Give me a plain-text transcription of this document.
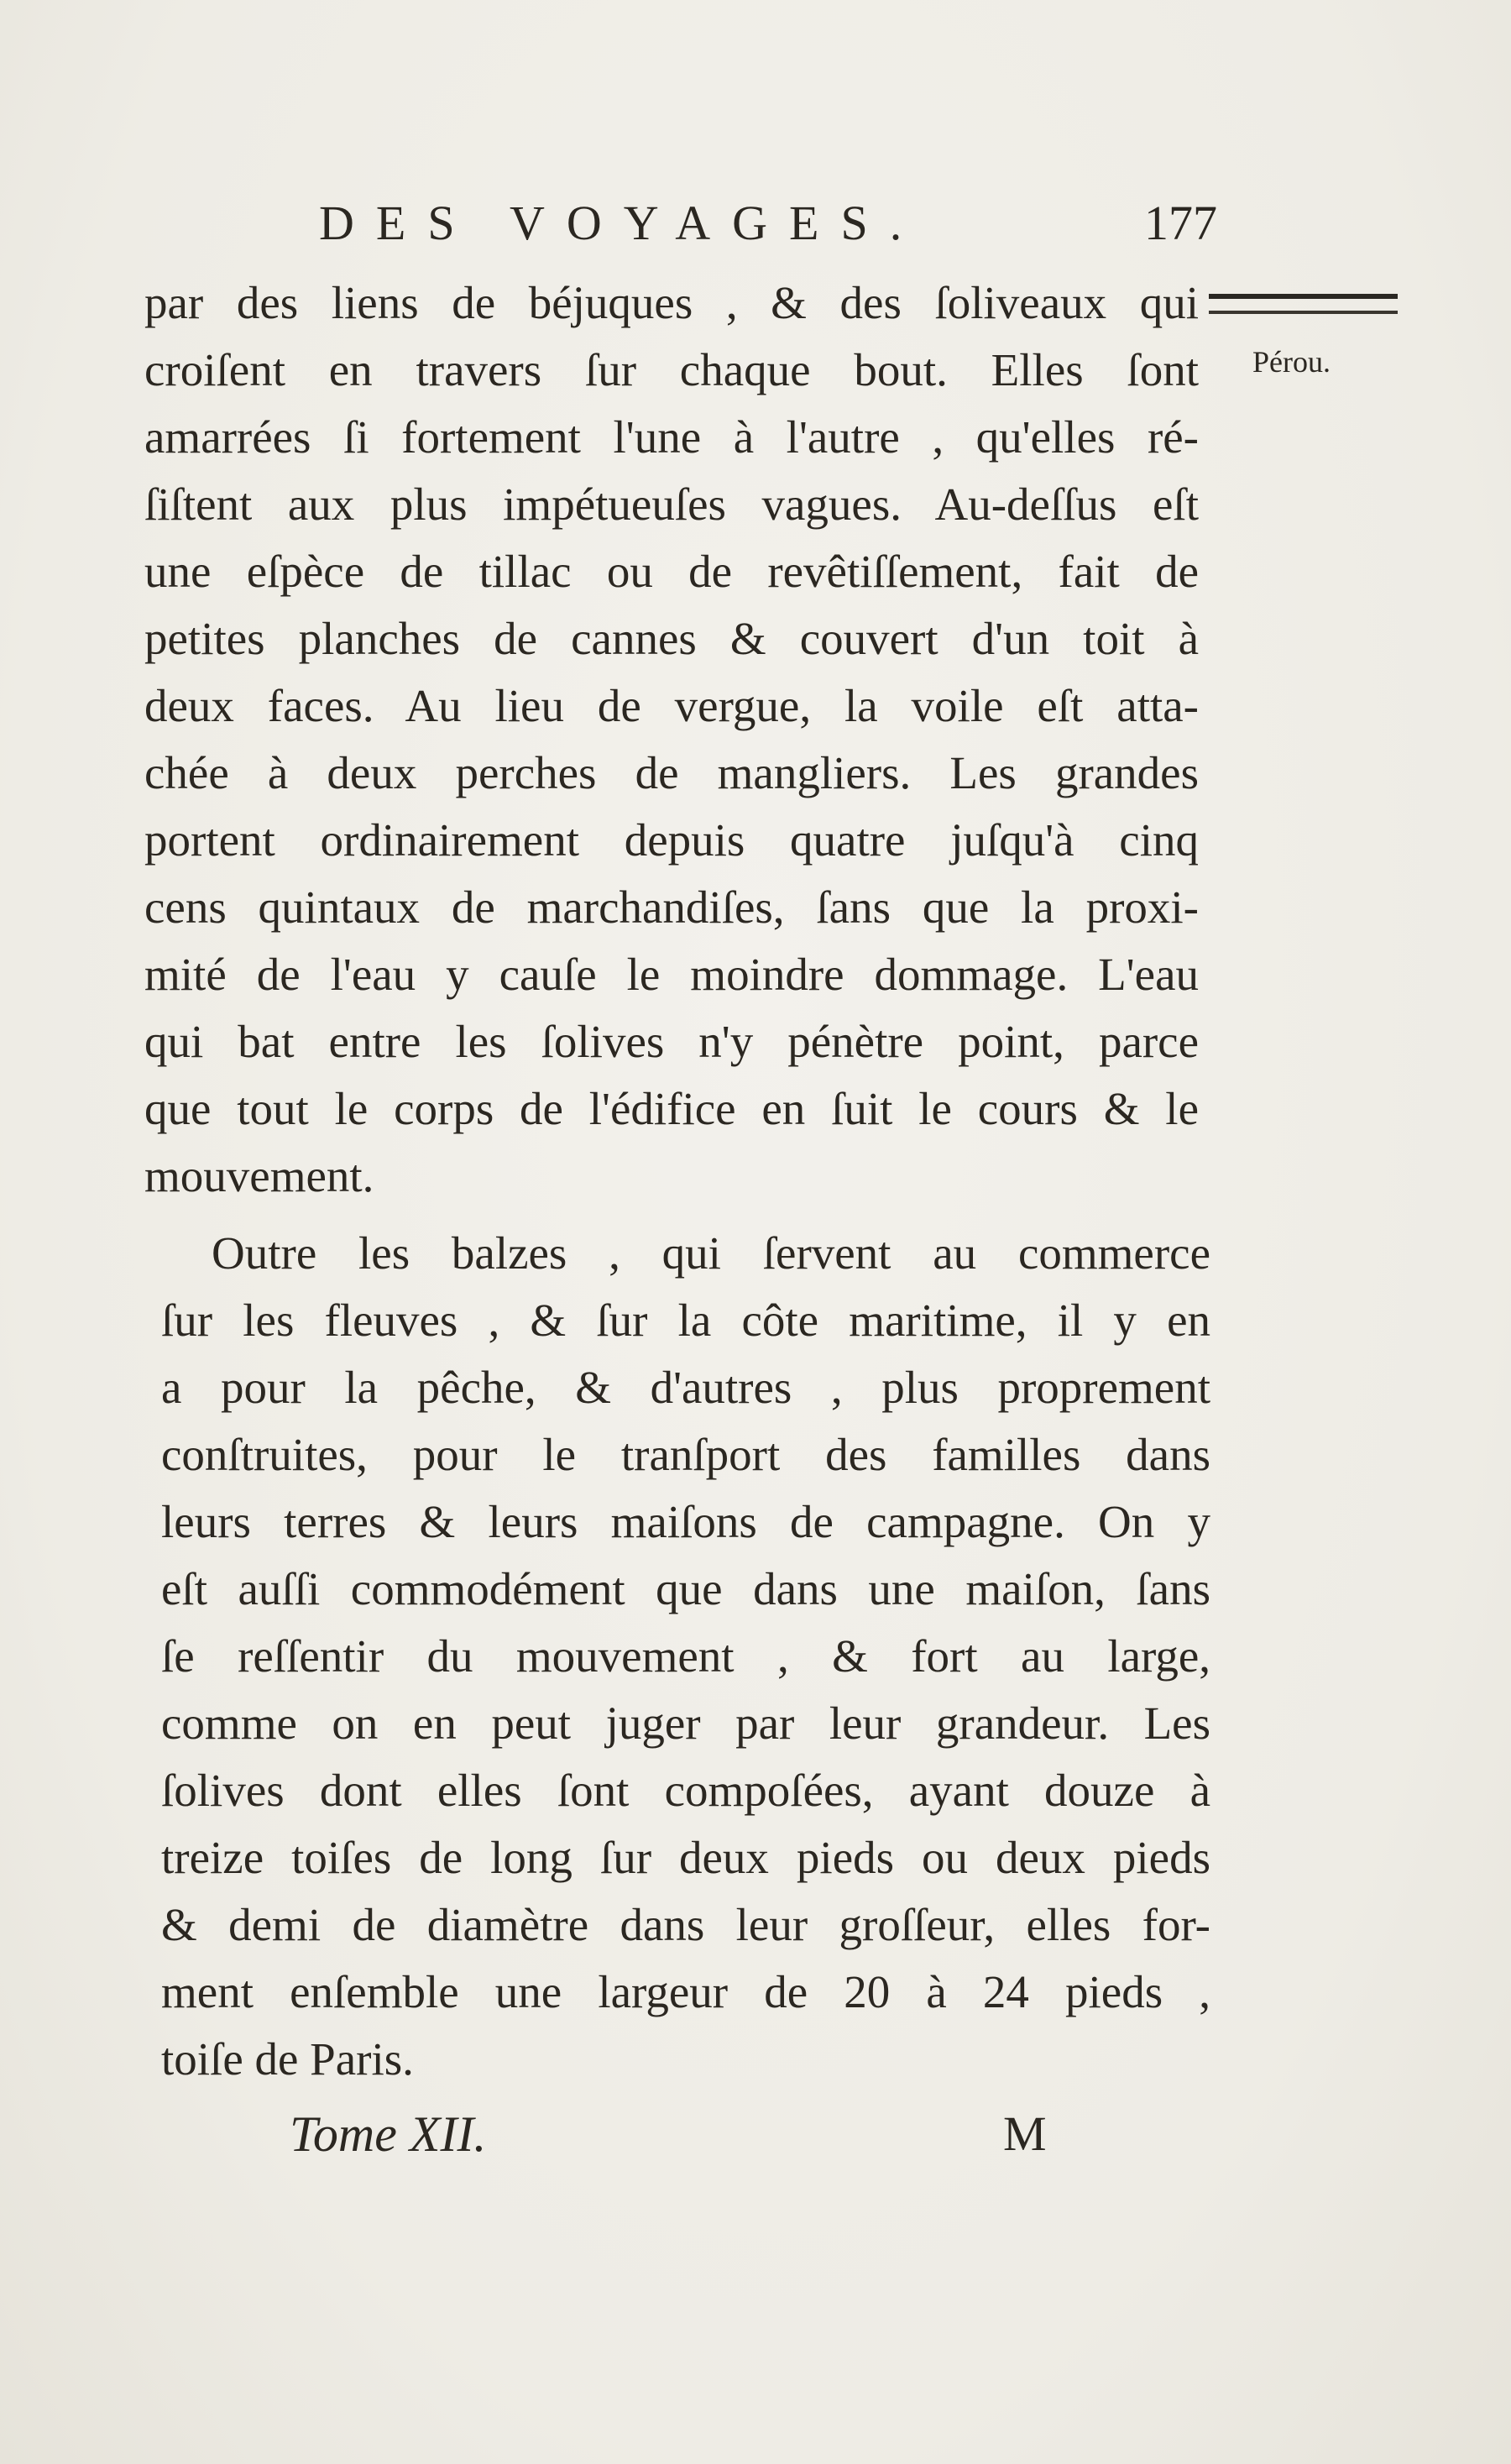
DES VOYAGES.	177
Pérou.
par des liens de béjuques , & des ſoliveaux qui
croiſent en travers ſur chaque bout. Elles ſont
amarrées ſi fortement l'une à l'autre , qu'elles ré-
ſiſtent aux plus impétueuſes vagues. Au-deſſus eſt
une eſpèce de tillac ou de revêtiſſement, fait de
petites planches de cannes & couvert d'un toit à
deux faces. Au lieu de vergue, la voile eſt atta-
chée à deux perches de mangliers. Les grandes
portent ordinairement depuis quatre juſqu'à cinq
cens quintaux de marchandiſes, ſans que la proxi-
mité de l'eau y cauſe le moindre dommage. L'eau
qui bat entre les ſolives n'y pénètre point, parce
que tout le corps de l'édifice en ſuit le cours & le
mouvement.
Outre les balzes , qui ſervent au commerce
ſur les fleuves , & ſur la côte maritime, il y en
a pour la pêche, & d'autres , plus proprement
conſtruites, pour le tranſport des familles dans
leurs terres & leurs maiſons de campagne. On y
eſt auſſi commodément que dans une maiſon, ſans
ſe reſſentir du mouvement , & fort au large,
comme on en peut juger par leur grandeur. Les
ſolives dont elles ſont compoſées, ayant douze à
treize toiſes de long ſur deux pieds ou deux pieds
& demi de diamètre dans leur groſſeur, elles for-
ment enſemble une largeur de 20 à 24 pieds ,
toiſe de Paris.
Tome XII.	M
